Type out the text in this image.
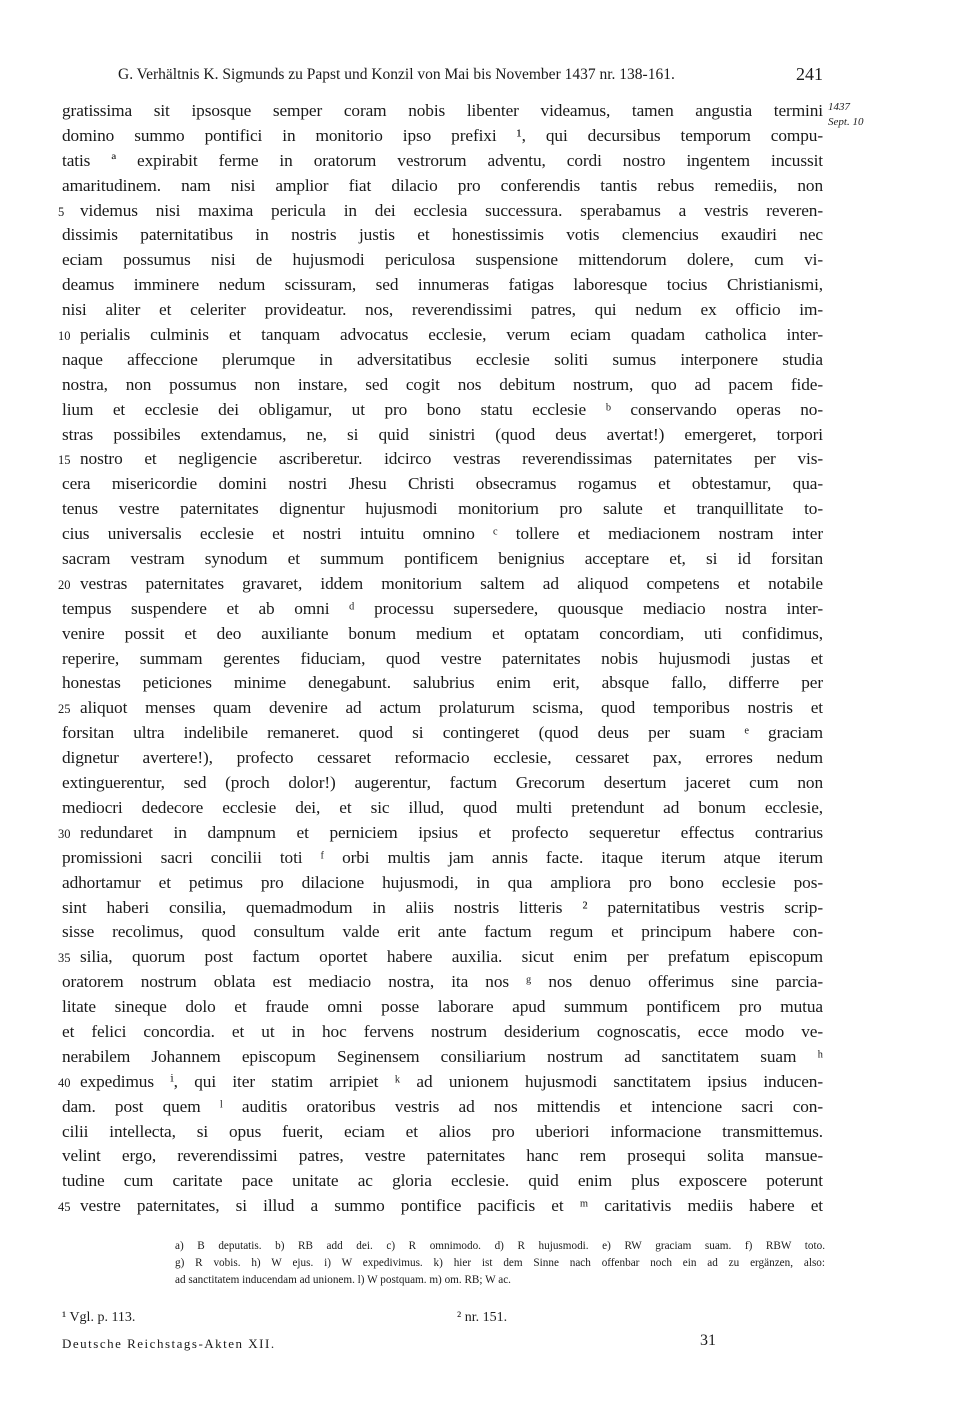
G. Verhältnis K. Sigmunds zu Papst und Konzil von Mai bis November 1437 nr. 138-161.	241
1437
Sept. 10
gratissima sit ipsosque semper coram nobis libenter videamus, tamen angustia termini
domino summo pontifici in monitorio ipso prefixi ¹, qui decursibus temporum compu-
tatis ª expirabit ferme in oratorum vestrorum adventu, cordi nostro ingentem incussit
amaritudinem. nam nisi amplior fiat dilacio pro conferendis tantis rebus remediis, non
5 videmus nisi maxima pericula in dei ecclesia successura. sperabamus a vestris reveren-
dissimis paternitatibus in nostris justis et honestissimis votis clemencius exaudiri nec
eciam possumus nisi de hujusmodi periculosa suspensione mittendorum dolere, cum vi-
deamus imminere nedum scissuram, sed innumeras fatigas laboresque tocius Christianismi,
nisi aliter et celeriter provideatur. nos, reverendissimi patres, qui nedum ex officio im-
10 perialis culminis et tanquam advocatus ecclesie, verum eciam quadam catholica inter-
naque affeccione plerumque in adversitatibus ecclesie soliti sumus interponere studia
nostra, non possumus non instare, sed cogit nos debitum nostrum, quo ad pacem fide-
lium et ecclesie dei obligamur, ut pro bono statu ecclesie ᵇ conservando operas no-
stras possibiles extendamus, ne, si quid sinistri (quod deus avertat!) emergeret, torpori
15 nostro et negligencie ascriberetur. idcirco vestras reverendissimas paternitates per vis-
cera misericordie domini nostri Jhesu Christi obsecramus rogamus et obtestamur, qua-
tenus vestre paternitates dignentur hujusmodi monitorium pro salute et tranquillitate to-
cius universalis ecclesie et nostri intuitu omnino ᶜ tollere et mediacionem nostram inter
sacram vestram synodum et summum pontificem benignius acceptare et, si id forsitan
20 vestras paternitates gravaret, iddem monitorium saltem ad aliquod competens et notabile
tempus suspendere et ab omni ᵈ processu supersedere, quousque mediacio nostra inter-
venire possit et deo auxiliante bonum medium et optatam concordiam, uti confidimus,
reperire, summam gerentes fiduciam, quod vestre paternitates nobis hujusmodi justas et
honestas peticiones minime denegabunt. salubrius enim erit, absque fallo, differre per
25 aliquot menses quam devenire ad actum prolaturum scisma, quod temporibus nostris et
forsitan ultra indelibile remaneret. quod si contingeret (quod deus per suam ᵉ graciam
dignetur avertere!), profecto cessaret reformacio ecclesie, cessaret pax, errores nedum
extinguerentur, sed (proch dolor!) augerentur, factum Grecorum desertum jaceret cum non
mediocri dedecore ecclesie dei, et sic illud, quod multi pretendunt ad bonum ecclesie,
30 redundaret in dampnum et perniciem ipsius et profecto sequeretur effectus contrarius
promissioni sacri concilii toti ᶠ orbi multis jam annis facte. itaque iterum atque iterum
adhortamur et petimus pro dilacione hujusmodi, in qua ampliora pro bono ecclesie pos-
sint haberi consilia, quemadmodum in aliis nostris litteris ² paternitatibus vestris scrip-
sisse recolimus, quod consultum valde erit ante factum regum et principum habere con-
35 silia, quorum post factum oportet habere auxilia. sicut enim per prefatum episcopum
oratorem nostrum oblata est mediacio nostra, ita nos ᵍ nos denuo offerimus sine parcia-
litate sineque dolo et fraude omni posse laborare apud summum pontificem pro mutua
et felici concordia. et ut in hoc fervens nostrum desiderium cognoscatis, ecce modo ve-
nerabilem Johannem episcopum Seginensem consiliarium nostrum ad sanctitatem suam ʰ
40 expedimus ⁱ, qui iter statim arripiet ᵏ ad unionem hujusmodi sanctitatem ipsius inducen-
dam. post quem ˡ auditis oratoribus vestris ad nos mittendis et intencione sacri con-
cilii intellecta, si opus fuerit, eciam et alios pro uberiori informacione transmittemus.
velint ergo, reverendissimi patres, vestre paternitates hanc rem prosequi solita mansue-
tudine cum caritate pace unitate ac gloria ecclesie. quid enim plus exposcere poterunt
45 vestre paternitates, si illud a summo pontifice pacificis et ᵐ caritativis mediis habere et
a) B deputatis. b) RB add dei. c) R omnimodo. d) R hujusmodi. e) RW graciam suam. f) RBW toto.
g) R vobis. h) W ejus. i) W expedivimus. k) hier ist dem Sinne nach offenbar noch ein ad zu ergänzen, also:
ad sanctitatem inducendam ad unionem. l) W postquam. m) om. RB; W ac.
¹ Vgl. p. 113.	² nr. 151.
Deutsche Reichstags-Akten XII.	31
